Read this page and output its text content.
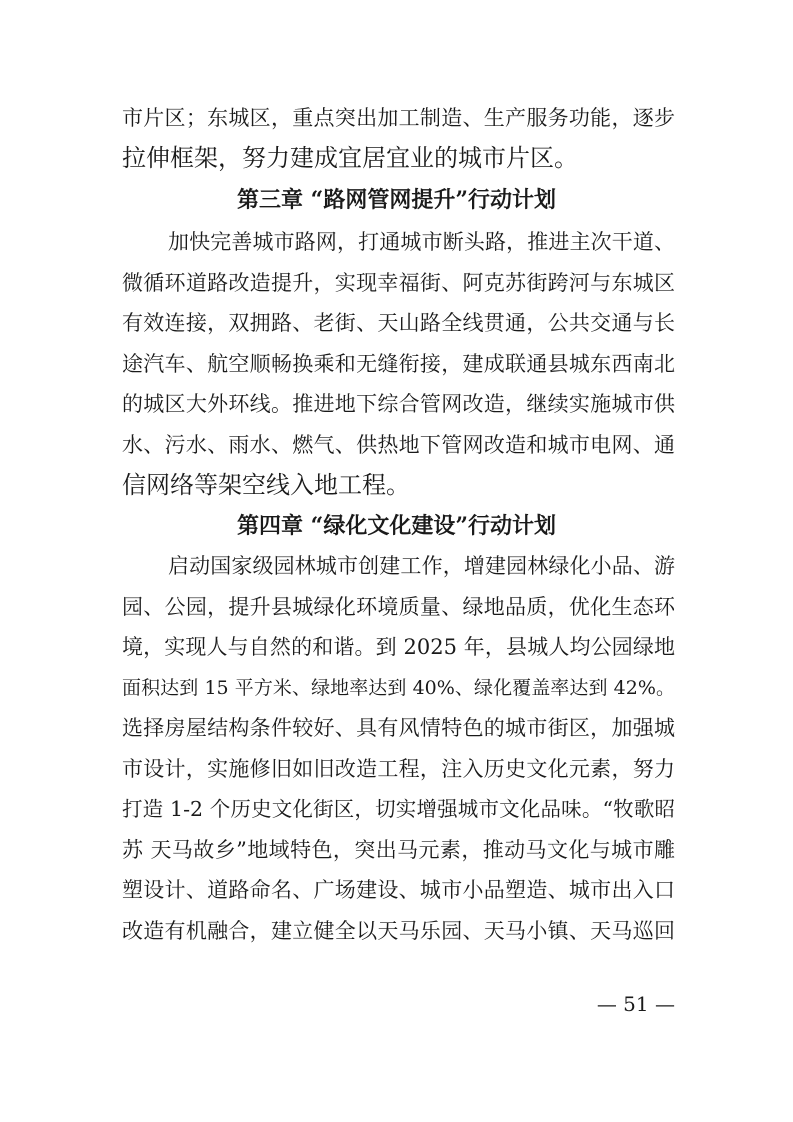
市片区；东城区，重点突出加工制造、生产服务功能，逐步
拉伸框架，努力建成宜居宜业的城市片区。
第三章 “路网管网提升”行动计划
加快完善城市路网，打通城市断头路，推进主次干道、
微循环道路改造提升，实现幸福街、阿克苏街跨河与东城区
有效连接，双拥路、老街、天山路全线贯通，公共交通与长
途汽车、航空顺畅换乘和无缝衔接，建成联通县城东西南北
的城区大外环线。推进地下综合管网改造，继续实施城市供
水、污水、雨水、燃气、供热地下管网改造和城市电网、通
信网络等架空线入地工程。
第四章 “绿化文化建设”行动计划
启动国家级园林城市创建工作，增建园林绿化小品、游
园、公园，提升县城绿化环境质量、绿地品质，优化生态环
境，实现人与自然的和谐。到 2025 年，县城人均公园绿地
面积达到 15 平方米、绿地率达到 40%、绿化覆盖率达到 42%。
选择房屋结构条件较好、具有风情特色的城市街区，加强城
市设计，实施修旧如旧改造工程，注入历史文化元素，努力
打造 1-2 个历史文化街区，切实增强城市文化品味。“牧歌昭
苏 天马故乡”地域特色，突出马元素，推动马文化与城市雕
塑设计、道路命名、广场建设、城市小品塑造、城市出入口
改造有机融合，建立健全以天马乐园、天马小镇、天马巡回
— 51 —
